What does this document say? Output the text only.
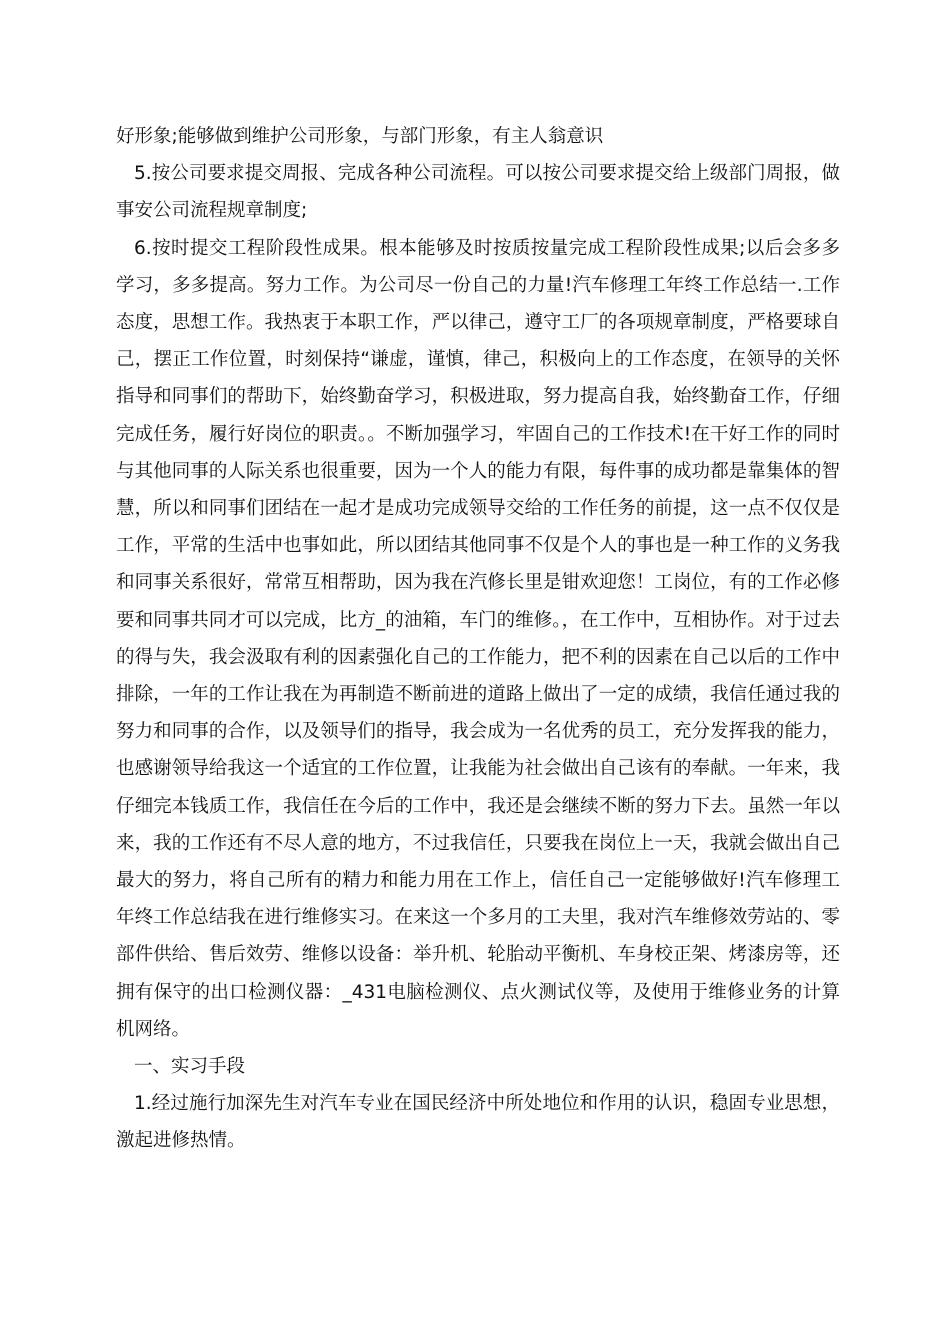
好形象;能够做到维护公司形象，与部门形象，有主人翁意识

5.按公司要求提交周报、完成各种公司流程。可以按公司要求提交给上级部门周报，做事安公司流程规章制度;

6.按时提交工程阶段性成果。根本能够及时按质按量完成工程阶段性成果;以后会多多学习，多多提高。努力工作。为公司尽一份自己的力量!汽车修理工年终工作总结一.工作态度，思想工作。我热衷于本职工作，严以律己，遵守工厂的各项规章制度，严格要球自己，摆正工作位置，时刻保持“谦虚，谨慎，律己，积极向上的工作态度，在领导的关怀指导和同事们的帮助下，始终勤奋学习，积极进取，努力提高自我，始终勤奋工作，仔细完成任务，履行好岗位的职责。。不断加强学习，牢固自己的工作技术!在干好工作的同时与其他同事的人际关系也很重要，因为一个人的能力有限，每件事的成功都是靠集体的智慧，所以和同事们团结在一起才是成功完成领导交给的工作任务的前提，这一点不仅仅是工作，平常的生活中也事如此，所以团结其他同事不仅是个人的事也是一种工作的义务我和同事关系很好，常常互相帮助，因为我在汽修长里是钳欢迎您！工岗位，有的工作必修要和同事共同才可以完成，比方_的油箱，车门的维修。，在工作中，互相协作。对于过去的得与失，我会汲取有利的因素强化自己的工作能力，把不利的因素在自己以后的工作中排除，一年的工作让我在为再制造不断前进的道路上做出了一定的成绩，我信任通过我的努力和同事的合作，以及领导们的指导，我会成为一名优秀的员工，充分发挥我的能力，也感谢领导给我这一个适宜的工作位置，让我能为社会做出自己该有的奉献。一年来，我仔细完本钱质工作，我信任在今后的工作中，我还是会继续不断的努力下去。虽然一年以来，我的工作还有不尽人意的地方，不过我信任，只要我在岗位上一天，我就会做出自己最大的努力，将自己所有的精力和能力用在工作上，信任自己一定能够做好!汽车修理工年终工作总结我在进行维修实习。在来这一个多月的工夫里，我对汽车维修效劳站的、零部件供给、售后效劳、维修以设备：举升机、轮胎动平衡机、车身校正架、烤漆房等，还拥有保守的出口检测仪器：_431电脑检测仪、点火测试仪等，及使用于维修业务的计算机网络。

一、实习手段

1.经过施行加深先生对汽车专业在国民经济中所处地位和作用的认识，稳固专业思想，激起进修热情。
